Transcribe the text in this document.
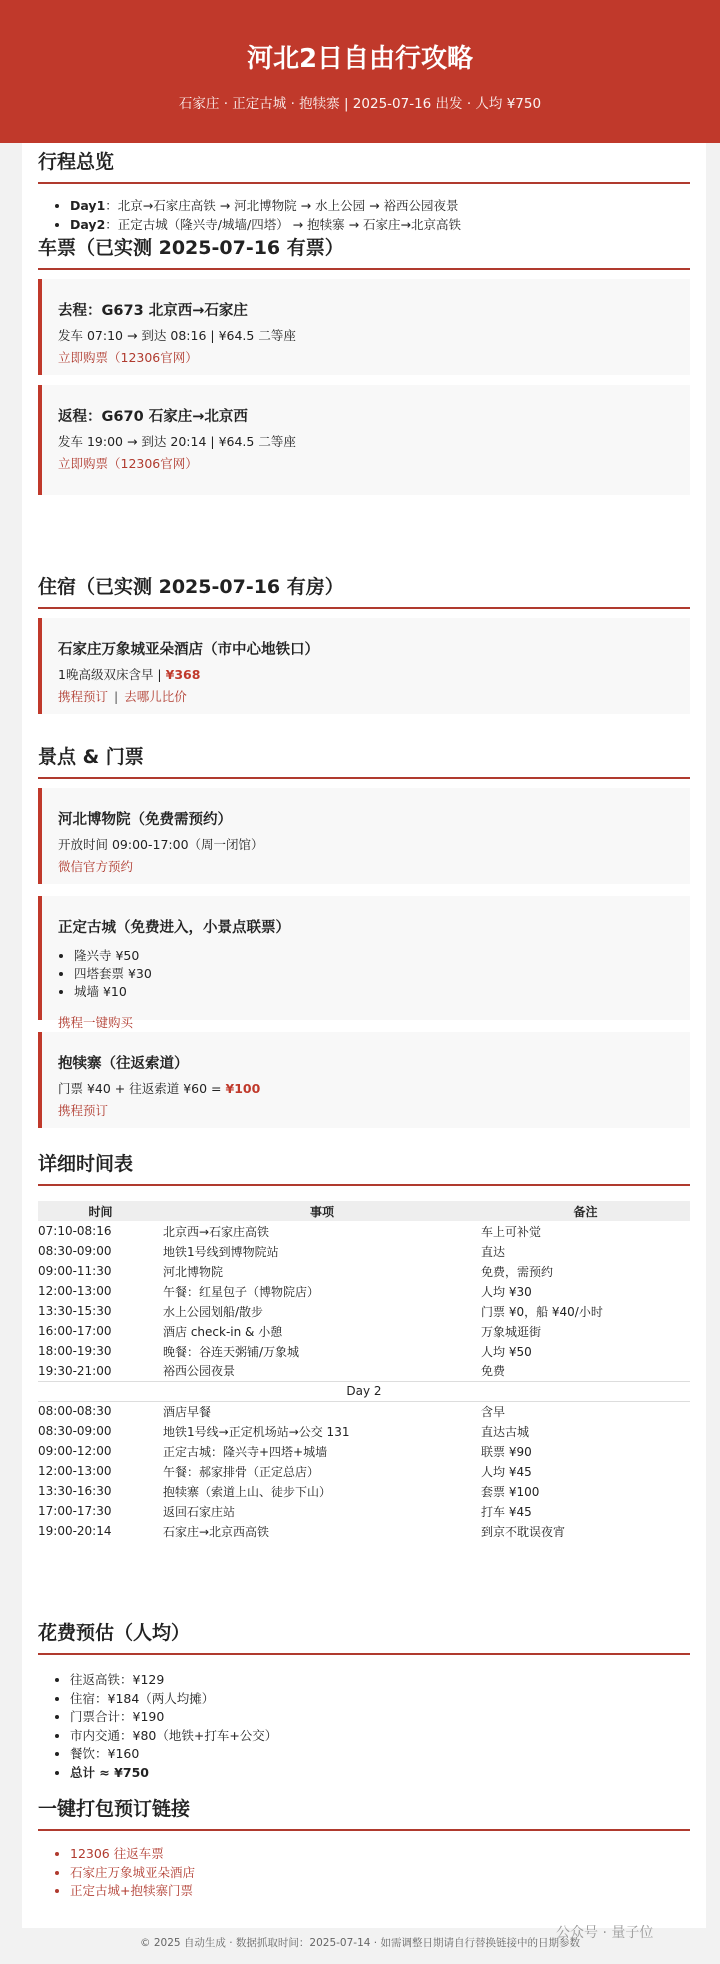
河北2日自由行攻略
石家庄 · 正定古城 · 抱犊寨 | 2025-07-16 出发 · 人均 ¥750
行程总览
• Day1：北京→石家庄高铁 → 河北博物院 → 水上公园 → 裕西公园夜景
• Day2：正定古城（隆兴寺/城墙/四塔） → 抱犊寨 → 石家庄→北京高铁
车票（已实测 2025-07-16 有票）
去程：G673 北京西→石家庄
发车 07:10 → 到达 08:16 | ¥64.5 二等座
立即购票（12306官网）
返程：G670 石家庄→北京西
发车 19:00 → 到达 20:14 | ¥64.5 二等座
立即购票（12306官网）
住宿（已实测 2025-07-16 有房）
石家庄万象城亚朵酒店（市中心地铁口）
1晚高级双床含早 | ¥368
携程预订 | 去哪儿比价
景点 & 门票
河北博物院（免费需预约）
开放时间 09:00-17:00（周一闭馆）
微信官方预约
正定古城（免费进入，小景点联票）
• 隆兴寺 ¥50
• 四塔套票 ¥30
• 城墙 ¥10
携程一键购买
抱犊寨（往返索道）
门票 ¥40 + 往返索道 ¥60 = ¥100
携程预订
详细时间表
时间	事项	备注
07:10-08:16	北京西→石家庄高铁	车上可补觉
08:30-09:00	地铁1号线到博物院站	直达
09:00-11:30	河北博物院	免费，需预约
12:00-13:00	午餐：红星包子（博物院店）	人均 ¥30
13:30-15:30	水上公园划船/散步	门票 ¥0，船 ¥40/小时
16:00-17:00	酒店 check-in & 小憩	万象城逛街
18:00-19:30	晚餐：谷连天粥铺/万象城	人均 ¥50
19:30-21:00	裕西公园夜景	免费
Day 2		
08:00-08:30	酒店早餐	含早
08:30-09:00	地铁1号线→正定机场站→公交 131	直达古城
09:00-12:00	正定古城：隆兴寺+四塔+城墙	联票 ¥90
12:00-13:00	午餐：郝家排骨（正定总店）	人均 ¥45
13:30-16:30	抱犊寨（索道上山、徒步下山）	套票 ¥100
17:00-17:30	返回石家庄站	打车 ¥45
19:00-20:14	石家庄→北京西高铁	到京不耽误夜宵
花费预估（人均）
• 往返高铁：¥129
• 住宿：¥184（两人均摊）
• 门票合计：¥190
• 市内交通：¥80（地铁+打车+公交）
• 餐饮：¥160
• 总计 ≈ ¥750
一键打包预订链接
• 12306 往返车票
• 石家庄万象城亚朵酒店
• 正定古城+抱犊寨门票
© 2025 自动生成 · 数据抓取时间：2025-07-14 · 如需调整日期请自行替换链接中的日期参数
公众号 · 量子位
